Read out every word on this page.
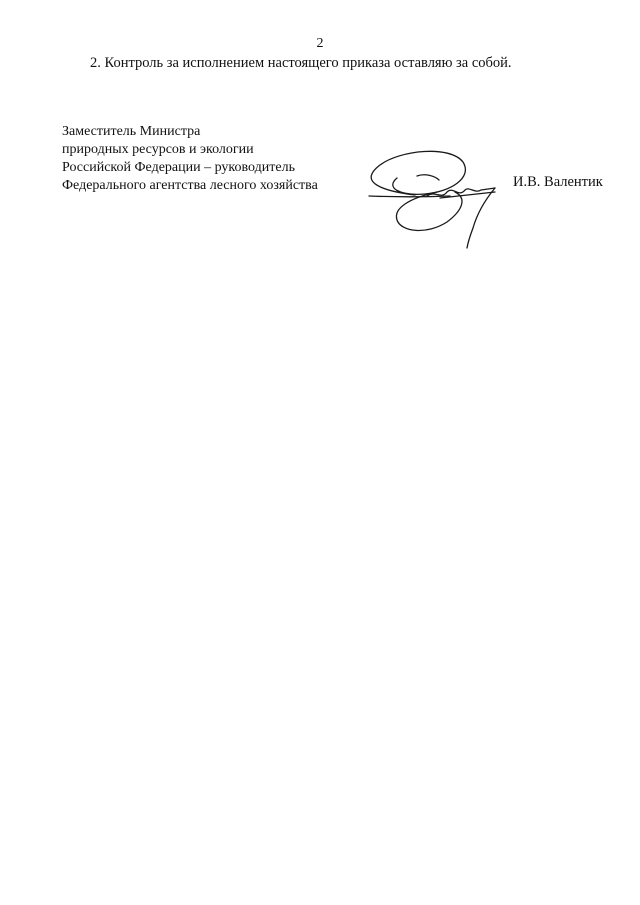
2
2. Контроль за исполнением настоящего приказа оставляю за собой.
Заместитель Министра
природных ресурсов и экологии
Российской Федерации – руководитель
Федерального агентства лесного хозяйства	И.В. Валентик
